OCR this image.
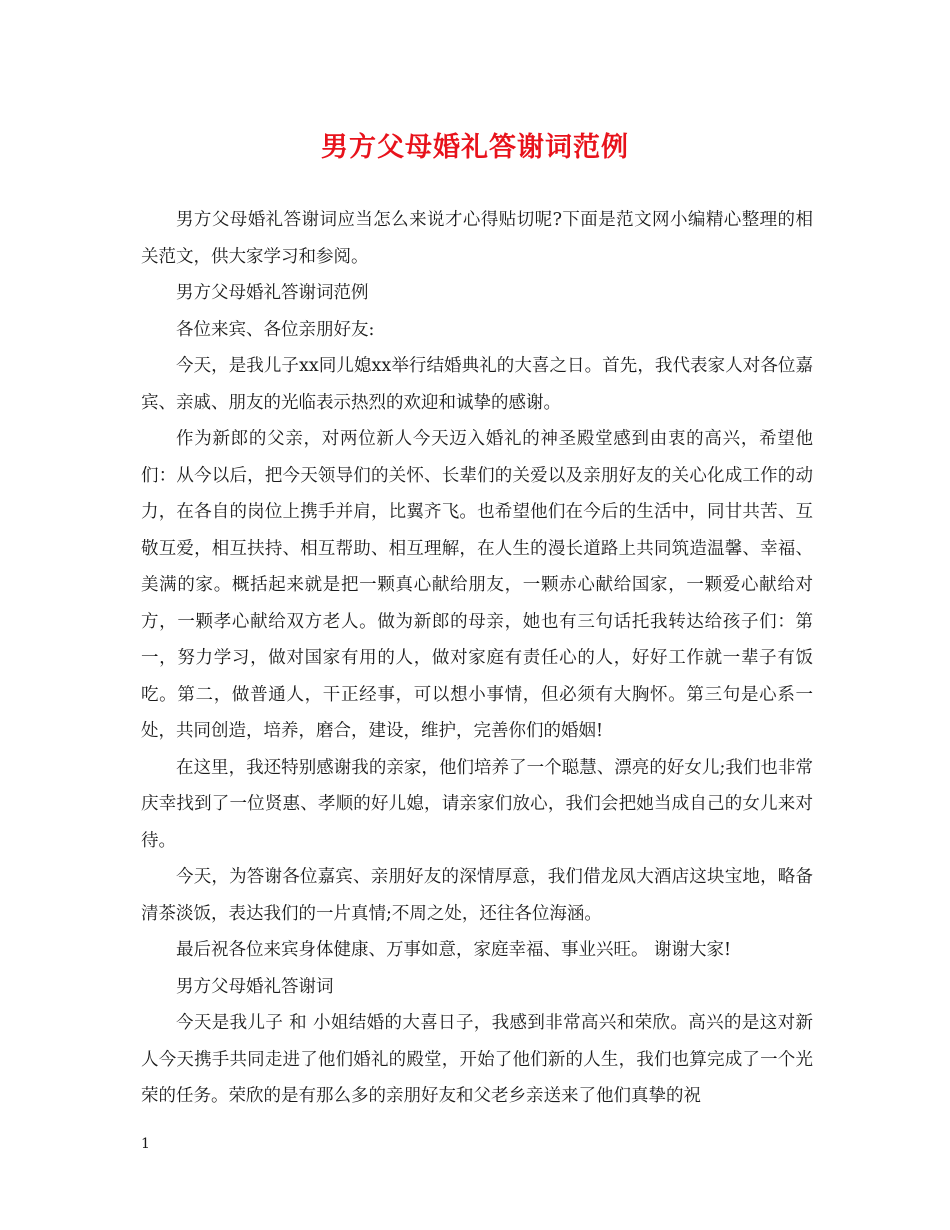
男方父母婚礼答谢词范例

男方父母婚礼答谢词应当怎么来说才心得贴切呢?下面是范文网小编精心整理的相关范文，供大家学习和参阅。

男方父母婚礼答谢词范例

各位来宾、各位亲朋好友:

今天，是我儿子xx同儿媳xx举行结婚典礼的大喜之日。首先，我代表家人对各位嘉宾、亲戚、朋友的光临表示热烈的欢迎和诚挚的感谢。

作为新郎的父亲，对两位新人今天迈入婚礼的神圣殿堂感到由衷的高兴，希望他们：从今以后，把今天领导们的关怀、长辈们的关爱以及亲朋好友的关心化成工作的动力，在各自的岗位上携手并肩，比翼齐飞。也希望他们在今后的生活中，同甘共苦、互敬互爱，相互扶持、相互帮助、相互理解，在人生的漫长道路上共同筑造温馨、幸福、美满的家。概括起来就是把一颗真心献给朋友，一颗赤心献给国家，一颗爱心献给对方，一颗孝心献给双方老人。做为新郎的母亲，她也有三句话托我转达给孩子们：第一，努力学习，做对国家有用的人，做对家庭有责任心的人，好好工作就一辈子有饭吃。第二，做普通人，干正经事，可以想小事情，但必须有大胸怀。第三句是心系一处，共同创造，培养，磨合，建设，维护，完善你们的婚姻!

在这里，我还特别感谢我的亲家，他们培养了一个聪慧、漂亮的好女儿;我们也非常庆幸找到了一位贤惠、孝顺的好儿媳，请亲家们放心，我们会把她当成自己的女儿来对待。

今天，为答谢各位嘉宾、亲朋好友的深情厚意，我们借龙凤大酒店这块宝地，略备清茶淡饭，表达我们的一片真情;不周之处，还往各位海涵。

最后祝各位来宾身体健康、万事如意，家庭幸福、事业兴旺。 谢谢大家!

男方父母婚礼答谢词

今天是我儿子 和 小姐结婚的大喜日子，我感到非常高兴和荣欣。高兴的是这对新人今天携手共同走进了他们婚礼的殿堂，开始了他们新的人生，我们也算完成了一个光荣的任务。荣欣的是有那么多的亲朋好友和父老乡亲送来了他们真挚的祝

1
